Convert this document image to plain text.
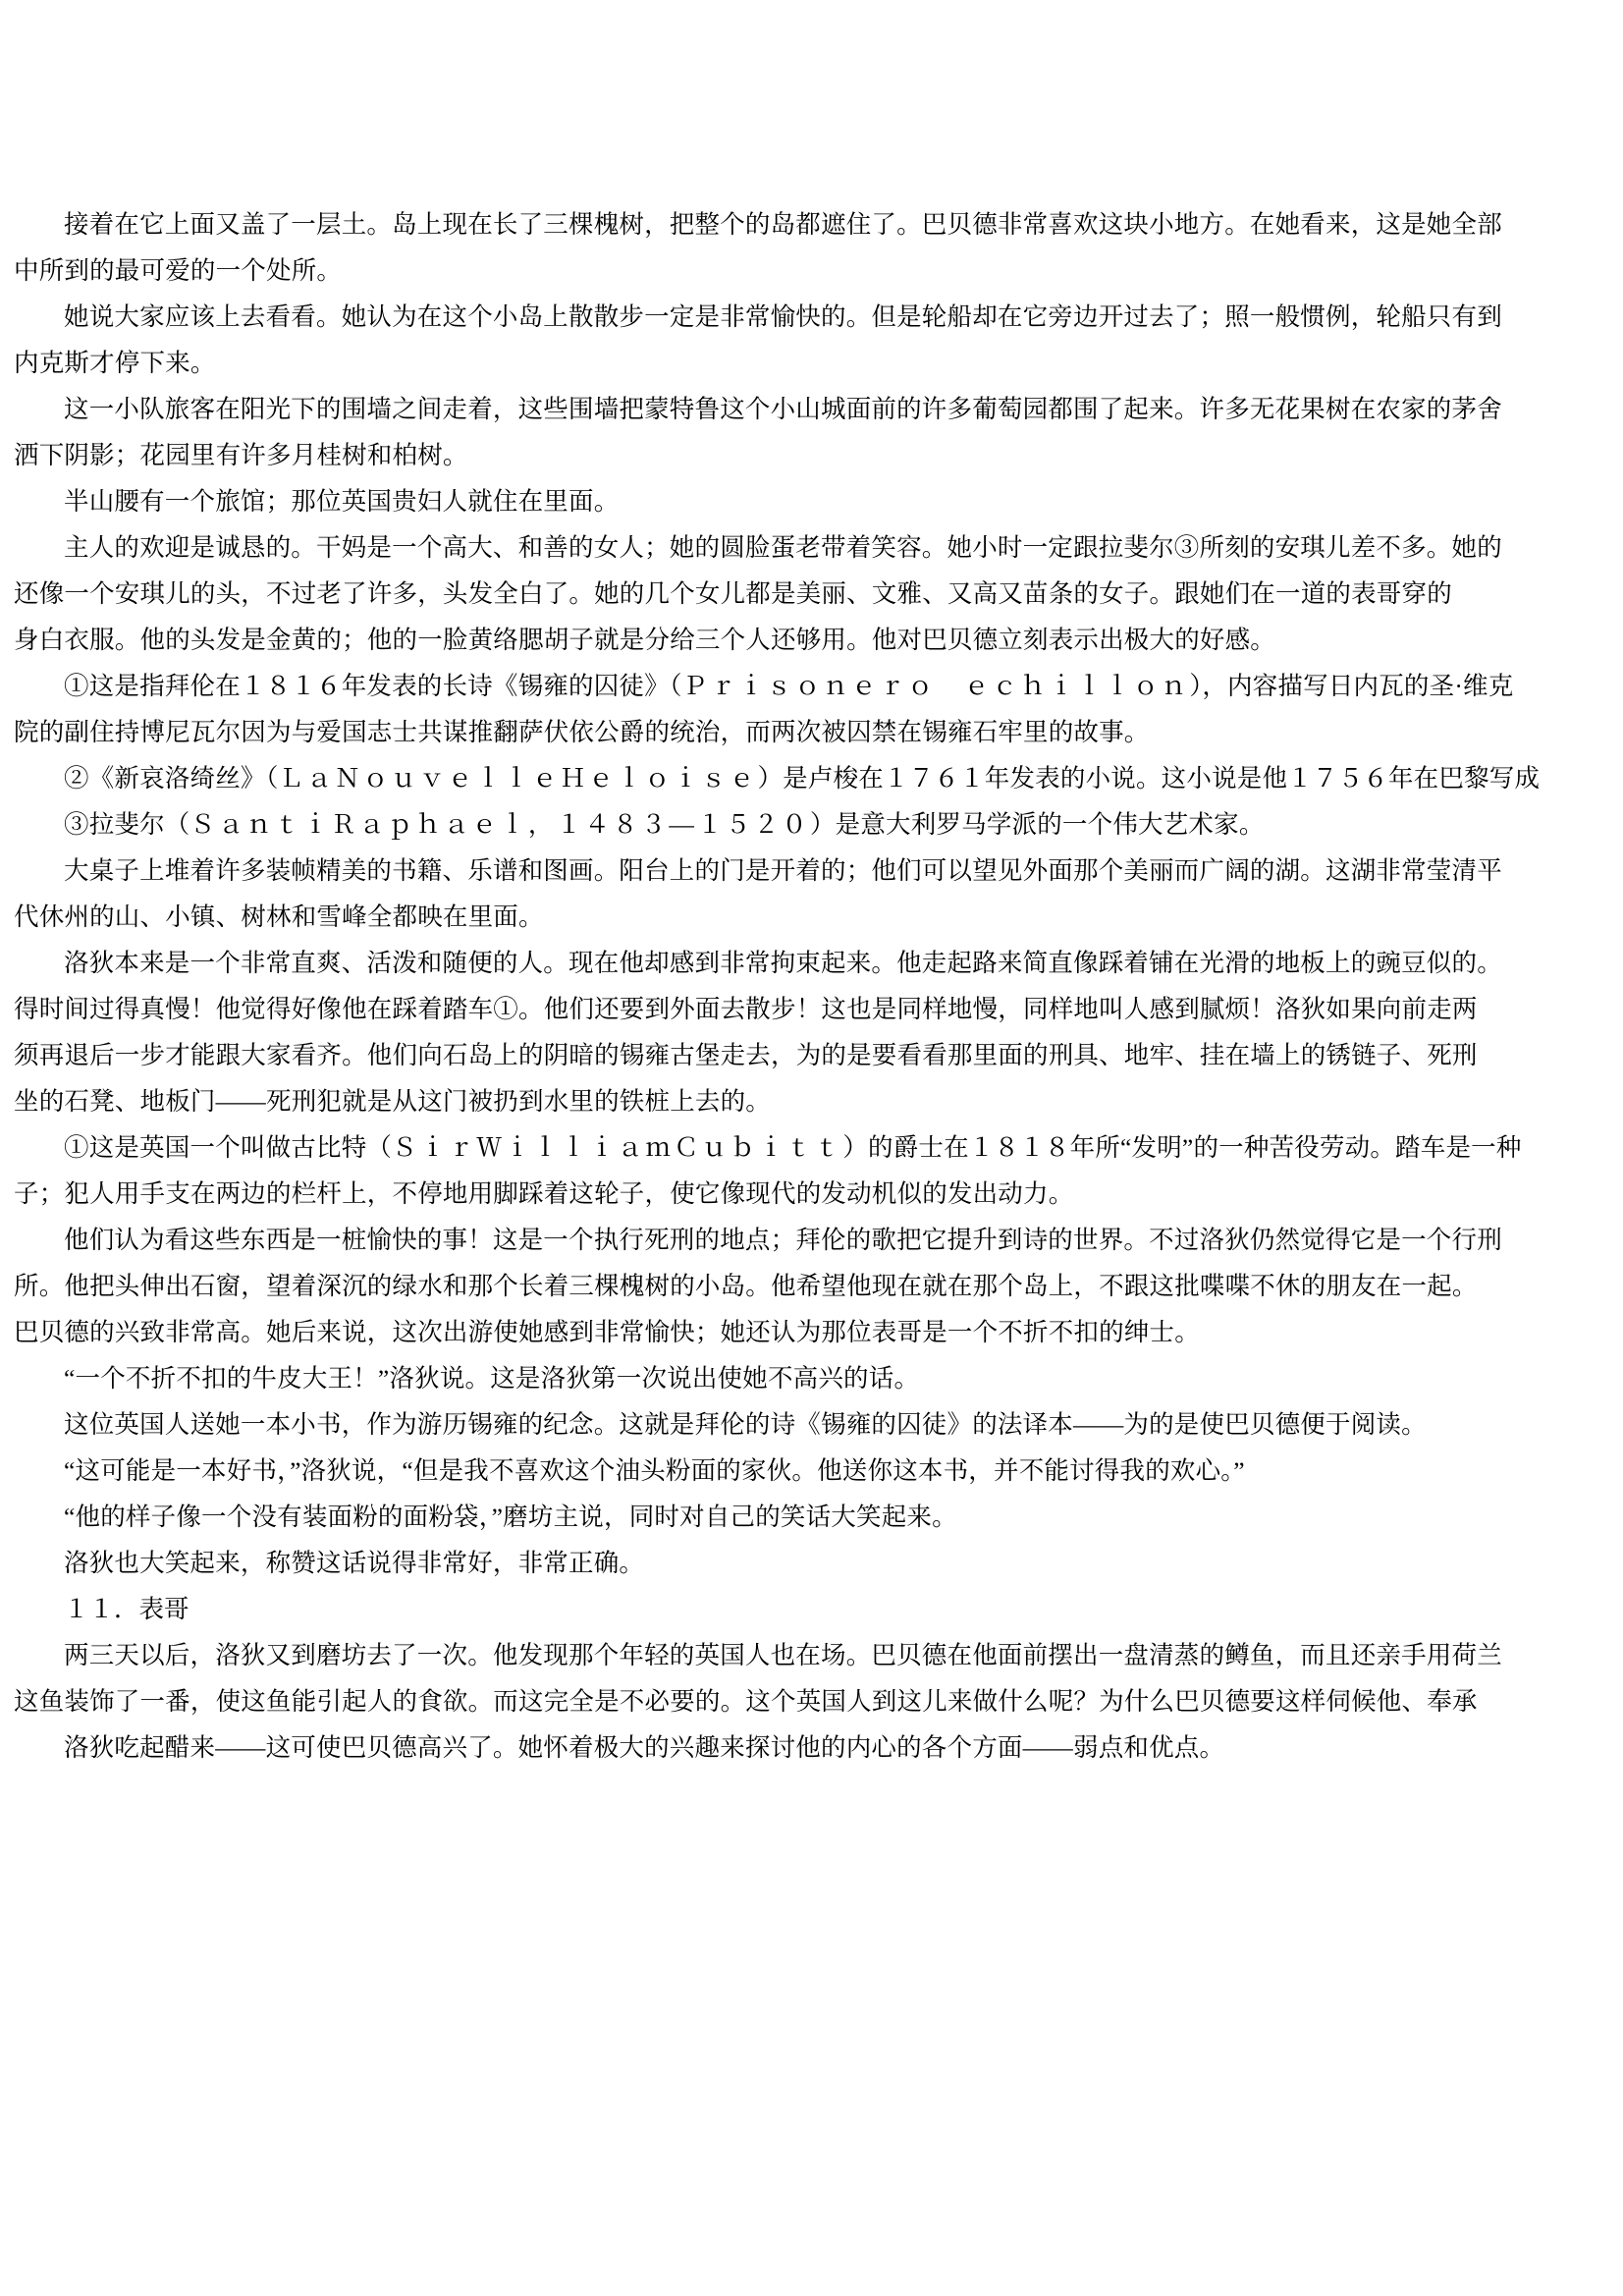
接着在它上面又盖了一层土。岛上现在长了三棵槐树，把整个的岛都遮住了。巴贝德非常喜欢这块小地方。在她看来，这是她全部

中所到的最可爱的一个处所。

她说大家应该上去看看。她认为在这个小岛上散散步一定是非常愉快的。但是轮船却在它旁边开过去了；照一般惯例，轮船只有到

内克斯才停下来。

这一小队旅客在阳光下的围墙之间走着，这些围墙把蒙特鲁这个小山城面前的许多葡萄园都围了起来。许多无花果树在农家的茅舍

洒下阴影；花园里有许多月桂树和柏树。

半山腰有一个旅馆；那位英国贵妇人就住在里面。

主人的欢迎是诚恳的。干妈是一个高大、和善的女人；她的圆脸蛋老带着笑容。她小时一定跟拉斐尔③所刻的安琪儿差不多。她的

还像一个安琪儿的头，不过老了许多，头发全白了。她的几个女儿都是美丽、文雅、又高又苗条的女子。跟她们在一道的表哥穿的

身白衣服。他的头发是金黄的；他的一脸黄络腮胡子就是分给三个人还够用。他对巴贝德立刻表示出极大的好感。

①这是指拜伦在１８１６年发表的长诗《锡雍的囚徒》（Ｐｒｉｓｏｎｅｒｏ　ｅｃｈｉｌｌｏｎ），内容描写日内瓦的圣·维克

院的副住持博尼瓦尔因为与爱国志士共谋推翻萨伏依公爵的统治，而两次被囚禁在锡雍石牢里的故事。

②《新哀洛绮丝》（ＬａＮｏｕｖｅｌｌｅＨｅｌｏｉｓｅ）是卢梭在１７６１年发表的小说。这小说是他１７５６年在巴黎写成

③拉斐尔（ＳａｎｔｉＲａｐｈａｅｌ，１４８３—１５２０）是意大利罗马学派的一个伟大艺术家。

大桌子上堆着许多装帧精美的书籍、乐谱和图画。阳台上的门是开着的；他们可以望见外面那个美丽而广阔的湖。这湖非常莹清平

代休州的山、小镇、树林和雪峰全都映在里面。

洛狄本来是一个非常直爽、活泼和随便的人。现在他却感到非常拘束起来。他走起路来简直像踩着铺在光滑的地板上的豌豆似的。

得时间过得真慢！他觉得好像他在踩着踏车①。他们还要到外面去散步！这也是同样地慢，同样地叫人感到腻烦！洛狄如果向前走两

须再退后一步才能跟大家看齐。他们向石岛上的阴暗的锡雍古堡走去，为的是要看看那里面的刑具、地牢、挂在墙上的锈链子、死刑

坐的石凳、地板门——死刑犯就是从这门被扔到水里的铁桩上去的。

①这是英国一个叫做古比特（ＳｉｒＷｉｌｌｉａｍＣｕｂｉｔｔ）的爵士在１８１８年所“发明”的一种苦役劳动。踏车是一种

子；犯人用手支在两边的栏杆上，不停地用脚踩着这轮子，使它像现代的发动机似的发出动力。

他们认为看这些东西是一桩愉快的事！这是一个执行死刑的地点；拜伦的歌把它提升到诗的世界。不过洛狄仍然觉得它是一个行刑

所。他把头伸出石窗，望着深沉的绿水和那个长着三棵槐树的小岛。他希望他现在就在那个岛上，不跟这批喋喋不休的朋友在一起。

巴贝德的兴致非常高。她后来说，这次出游使她感到非常愉快；她还认为那位表哥是一个不折不扣的绅士。

“一个不折不扣的牛皮大王！”洛狄说。这是洛狄第一次说出使她不高兴的话。

这位英国人送她一本小书，作为游历锡雍的纪念。这就是拜伦的诗《锡雍的囚徒》的法译本——为的是使巴贝德便于阅读。

“这可能是一本好书，”洛狄说，“但是我不喜欢这个油头粉面的家伙。他送你这本书，并不能讨得我的欢心。”

“他的样子像一个没有装面粉的面粉袋，”磨坊主说，同时对自己的笑话大笑起来。

洛狄也大笑起来，称赞这话说得非常好，非常正确。

１１．表哥

两三天以后，洛狄又到磨坊去了一次。他发现那个年轻的英国人也在场。巴贝德在他面前摆出一盘清蒸的鳟鱼，而且还亲手用荷兰

这鱼装饰了一番，使这鱼能引起人的食欲。而这完全是不必要的。这个英国人到这儿来做什么呢？为什么巴贝德要这样伺候他、奉承

洛狄吃起醋来——这可使巴贝德高兴了。她怀着极大的兴趣来探讨他的内心的各个方面——弱点和优点。
